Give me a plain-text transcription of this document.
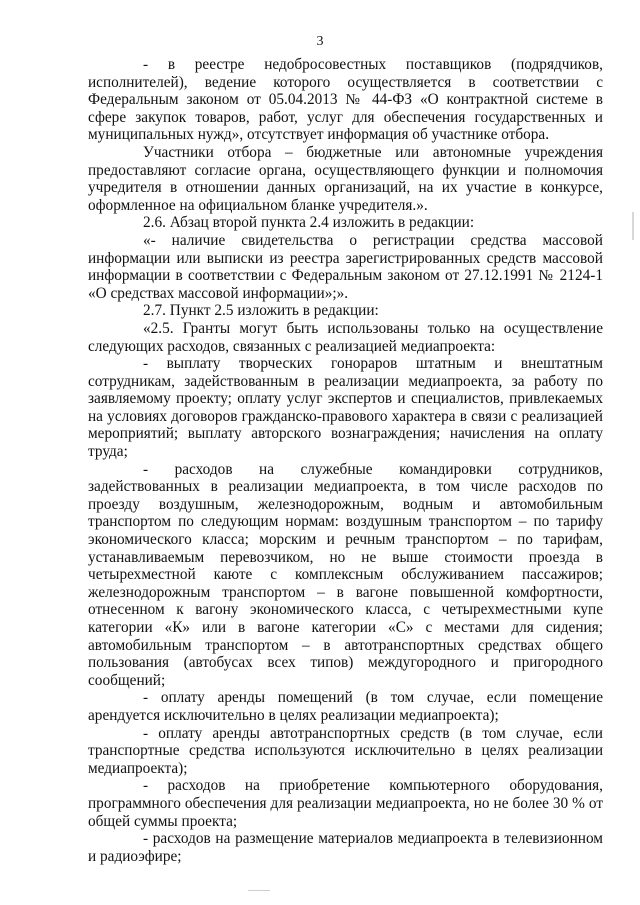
3

- в реестре недобросовестных поставщиков (подрядчиков, исполнителей), ведение которого осуществляется в соответствии с Федеральным законом от 05.04.2013 № 44-ФЗ «О контрактной системе в сфере закупок товаров, работ, услуг для обеспечения государственных и муниципальных нужд», отсутствует информация об участнике отбора.

Участники отбора – бюджетные или автономные учреждения предоставляют согласие органа, осуществляющего функции и полномочия учредителя в отношении данных организаций, на их участие в конкурсе, оформленное на официальном бланке учредителя.».

2.6. Абзац второй пункта 2.4 изложить в редакции:

«- наличие свидетельства о регистрации средства массовой информации или выписки из реестра зарегистрированных средств массовой информации в соответствии с Федеральным законом от 27.12.1991 № 2124-1 «О средствах массовой информации»;».

2.7. Пункт 2.5 изложить в редакции:

«2.5. Гранты могут быть использованы только на осуществление следующих расходов, связанных с реализацией медиапроекта:

- выплату творческих гонораров штатным и внештатным сотрудникам, задействованным в реализации медиапроекта, за работу по заявляемому проекту; оплату услуг экспертов и специалистов, привлекаемых на условиях договоров гражданско-правового характера в связи с реализацией мероприятий; выплату авторского вознаграждения; начисления на оплату труда;

- расходов на служебные командировки сотрудников, задействованных в реализации медиапроекта, в том числе расходов по проезду воздушным, железнодорожным, водным и автомобильным транспортом по следующим нормам: воздушным транспортом – по тарифу экономического класса; морским и речным транспортом – по тарифам, устанавливаемым перевозчиком, но не выше стоимости проезда в четырехместной каюте с комплексным обслуживанием пассажиров; железнодорожным транспортом – в вагоне повышенной комфортности, отнесенном к вагону экономического класса, с четырехместными купе категории «К» или в вагоне категории «С» с местами для сидения; автомобильным транспортом – в автотранспортных средствах общего пользования (автобусах всех типов) междугородного и пригородного сообщений;

- оплату аренды помещений (в том случае, если помещение арендуется исключительно в целях реализации медиапроекта);

- оплату аренды автотранспортных средств (в том случае, если транспортные средства используются исключительно в целях реализации медиапроекта);

- расходов на приобретение компьютерного оборудования, программного обеспечения для реализации медиапроекта, но не более 30 % от общей суммы проекта;

- расходов на размещение материалов медиапроекта в телевизионном и радиоэфире;
